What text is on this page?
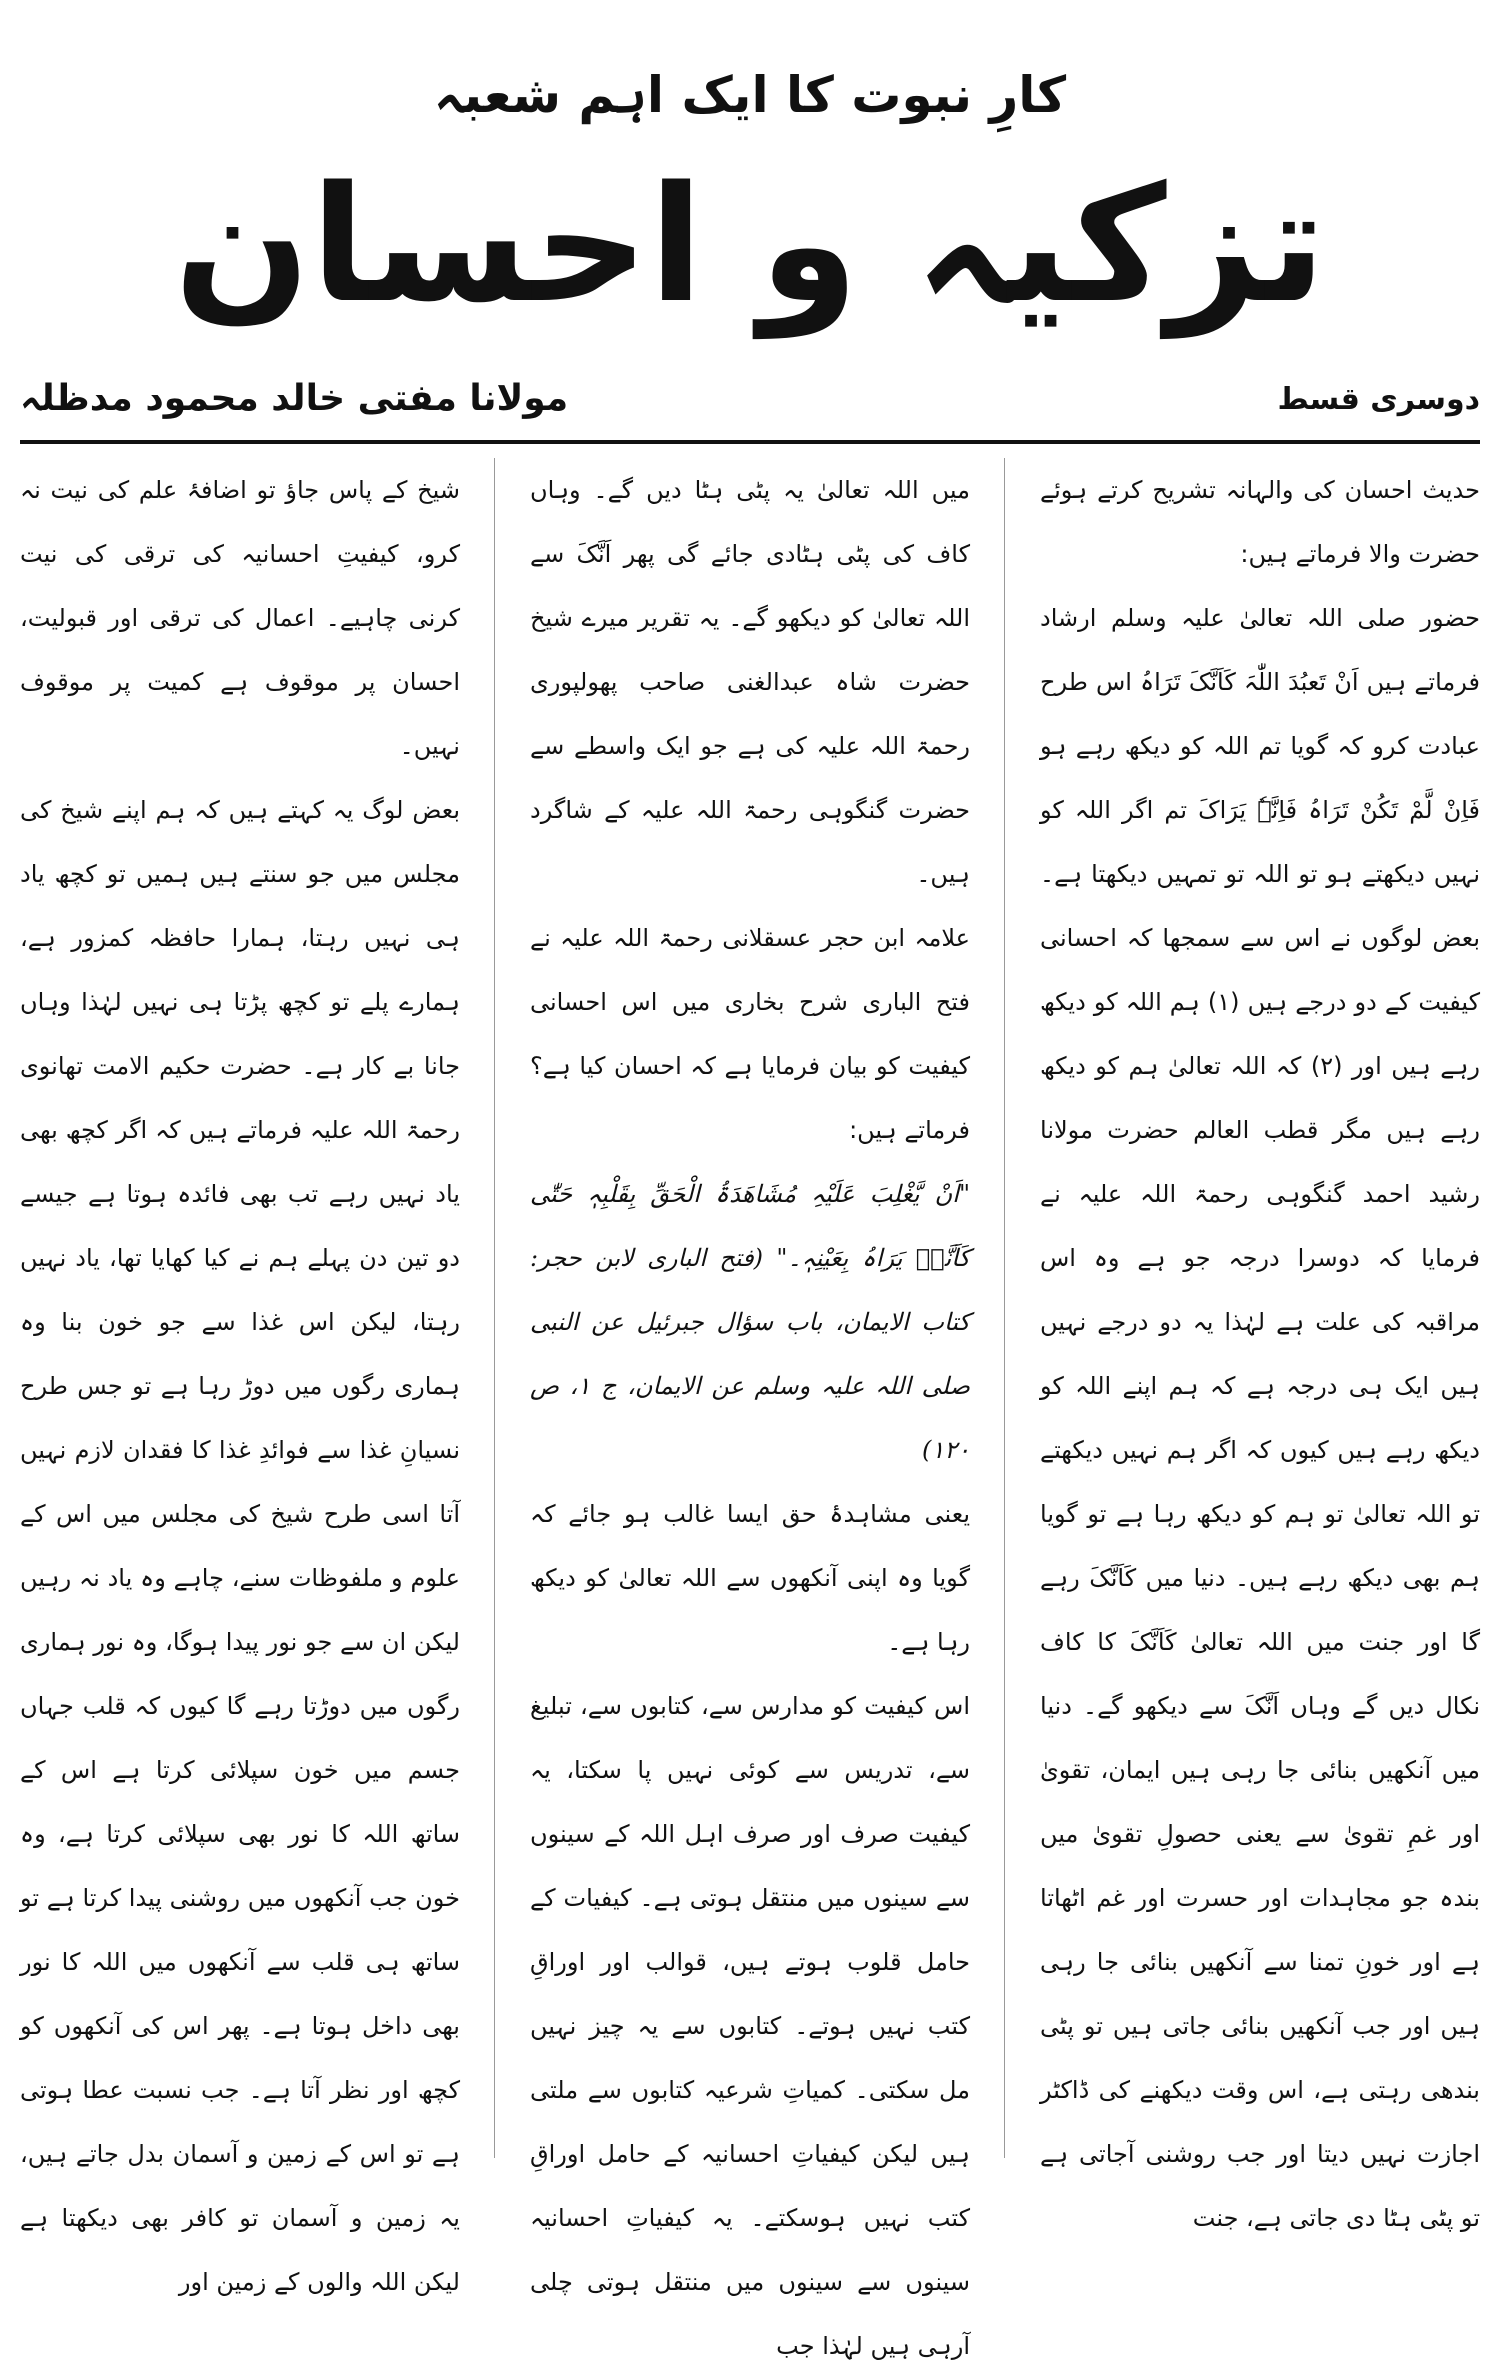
کارِ نبوت کا ایک اہم شعبہ
تزکیہ و احسان
دوسری قسط
مولانا مفتی خالد محمود مدظلہ

حدیث احسان کی والہانہ تشریح کرتے ہوئے حضرت والا فرماتے ہیں:

حضور صلی اللہ تعالیٰ علیہ وسلم ارشاد فرماتے ہیں اَنْ تَعبُدَ اللّٰہَ کَاَنَّکَ تَرَاہُ اس طرح عبادت کرو کہ گویا تم اللہ کو دیکھ رہے ہو فَاِنْ لَّمْ تَکُنْ تَرَاہُ فَاِنَّہٗ یَرَاکَ تم اگر اللہ کو نہیں دیکھتے ہو تو اللہ تو تمہیں دیکھتا ہے۔ بعض لوگوں نے اس سے سمجھا کہ احسانی کیفیت کے دو درجے ہیں (۱) ہم اللہ کو دیکھ رہے ہیں اور (۲) کہ اللہ تعالیٰ ہم کو دیکھ رہے ہیں مگر قطب العالم حضرت مولانا رشید احمد گنگوہی رحمۃ اللہ علیہ نے فرمایا کہ دوسرا درجہ جو ہے وہ اس مراقبہ کی علت ہے لہٰذا یہ دو درجے نہیں ہیں ایک ہی درجہ ہے کہ ہم اپنے اللہ کو دیکھ رہے ہیں کیوں کہ اگر ہم نہیں دیکھتے تو اللہ تعالیٰ تو ہم کو دیکھ رہا ہے تو گویا ہم بھی دیکھ رہے ہیں۔ دنیا میں کَاَنَّکَ رہے گا اور جنت میں اللہ تعالیٰ کَاَنَّکَ کا کاف نکال دیں گے وہاں اَنَّکَ سے دیکھو گے۔ دنیا میں آنکھیں بنائی جا رہی ہیں ایمان، تقویٰ اور غمِ تقویٰ سے یعنی حصولِ تقویٰ میں بندہ جو مجاہدات اور حسرت اور غم اٹھاتا ہے اور خونِ تمنا سے آنکھیں بنائی جا رہی ہیں اور جب آنکھیں بنائی جاتی ہیں تو پٹی بندھی رہتی ہے، اس وقت دیکھنے کی ڈاکٹر اجازت نہیں دیتا اور جب روشنی آجاتی ہے تو پٹی ہٹا دی جاتی ہے، جنت

میں اللہ تعالیٰ یہ پٹی ہٹا دیں گے۔ وہاں کاف کی پٹی ہٹادی جائے گی پھر اَنَّکَ سے اللہ تعالیٰ کو دیکھو گے۔ یہ تقریر میرے شیخ حضرت شاہ عبدالغنی صاحب پھولپوری رحمۃ اللہ علیہ کی ہے جو ایک واسطے سے حضرت گنگوہی رحمۃ اللہ علیہ کے شاگرد ہیں۔

علامہ ابن حجر عسقلانی رحمۃ اللہ علیہ نے فتح الباری شرح بخاری میں اس احسانی کیفیت کو بیان فرمایا ہے کہ احسان کیا ہے؟ فرماتے ہیں:

"اَنْ یَّغْلِبَ عَلَیْہِ مُشَاھَدَۃُ الْحَقِّ بِقَلْبِہٖ حَتّٰی کَاَنَّہٗ یَرَاہُ بِعَیْنِہٖ۔" (فتح الباری لابن حجر: کتاب الایمان، باب سؤال جبرئیل عن النبی صلی اللہ علیہ وسلم عن الایمان، ج ۱، ص ۱۲۰)

یعنی مشاہدۂ حق ایسا غالب ہو جائے کہ گویا وہ اپنی آنکھوں سے اللہ تعالیٰ کو دیکھ رہا ہے۔

اس کیفیت کو مدارس سے، کتابوں سے، تبلیغ سے، تدریس سے کوئی نہیں پا سکتا، یہ کیفیت صرف اور صرف اہل اللہ کے سینوں سے سینوں میں منتقل ہوتی ہے۔ کیفیات کے حامل قلوب ہوتے ہیں، قوالب اور اوراقِ کتب نہیں ہوتے۔ کتابوں سے یہ چیز نہیں مل سکتی۔ کمیاتِ شرعیہ کتابوں سے ملتی ہیں لیکن کیفیاتِ احسانیہ کے حامل اوراقِ کتب نہیں ہوسکتے۔ یہ کیفیاتِ احسانیہ سینوں سے سینوں میں منتقل ہوتی چلی آرہی ہیں لہٰذا جب

شیخ کے پاس جاؤ تو اضافۂ علم کی نیت نہ کرو، کیفیتِ احسانیہ کی ترقی کی نیت کرنی چاہیے۔ اعمال کی ترقی اور قبولیت، احسان پر موقوف ہے کمیت پر موقوف نہیں۔

بعض لوگ یہ کہتے ہیں کہ ہم اپنے شیخ کی مجلس میں جو سنتے ہیں ہمیں تو کچھ یاد ہی نہیں رہتا، ہمارا حافظہ کمزور ہے، ہمارے پلے تو کچھ پڑتا ہی نہیں لہٰذا وہاں جانا بے کار ہے۔ حضرت حکیم الامت تھانوی رحمۃ اللہ علیہ فرماتے ہیں کہ اگر کچھ بھی یاد نہیں رہے تب بھی فائدہ ہوتا ہے جیسے دو تین دن پہلے ہم نے کیا کھایا تھا، یاد نہیں رہتا، لیکن اس غذا سے جو خون بنا وہ ہماری رگوں میں دوڑ رہا ہے تو جس طرح نسیانِ غذا سے فوائدِ غذا کا فقدان لازم نہیں آتا اسی طرح شیخ کی مجلس میں اس کے علوم و ملفوظات سنے، چاہے وہ یاد نہ رہیں لیکن ان سے جو نور پیدا ہوگا، وہ نور ہماری رگوں میں دوڑتا رہے گا کیوں کہ قلب جہاں جسم میں خون سپلائی کرتا ہے اس کے ساتھ اللہ کا نور بھی سپلائی کرتا ہے، وہ خون جب آنکھوں میں روشنی پیدا کرتا ہے تو ساتھ ہی قلب سے آنکھوں میں اللہ کا نور بھی داخل ہوتا ہے۔ پھر اس کی آنکھوں کو کچھ اور نظر آتا ہے۔ جب نسبت عطا ہوتی ہے تو اس کے زمین و آسمان بدل جاتے ہیں، یہ زمین و آسمان تو کافر بھی دیکھتا ہے لیکن اللہ والوں کے زمین اور
